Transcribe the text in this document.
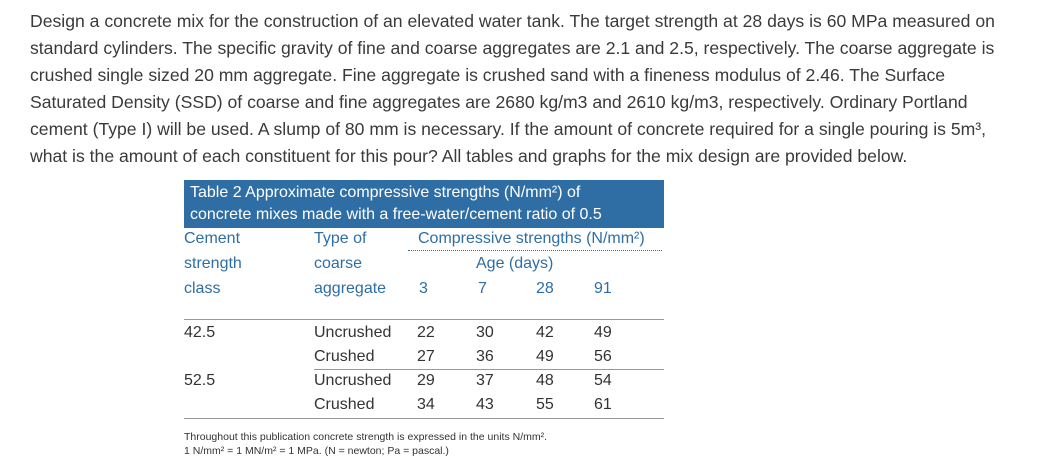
Design a concrete mix for the construction of an elevated water tank. The target strength at 28 days is 60 MPa measured on
standard cylinders. The specific gravity of fine and coarse aggregates are 2.1 and 2.5, respectively. The coarse aggregate is
crushed single sized 20 mm aggregate. Fine aggregate is crushed sand with a fineness modulus of 2.46. The Surface
Saturated Density (SSD) of coarse and fine aggregates are 2680 kg/m3 and 2610 kg/m3, respectively. Ordinary Portland
cement (Type I) will be used. A slump of 80 mm is necessary. If the amount of concrete required for a single pouring is 5m³,
what is the amount of each constituent for this pour? All tables and graphs for the mix design are provided below.

Table 2 Approximate compressive strengths (N/mm²) of
concrete mixes made with a free-water/cement ratio of 0.5
Cement
strength
class
Type of
coarse
aggregate
Compressive strengths (N/mm²)
Age (days)
3	7	28	91
42.5	Uncrushed 22	30	42	49
Crushed	27	36	49	56
52.5	Uncrushed 29	37	48	54
Crushed	34	43	55	61
Throughout this publication concrete strength is expressed in the units N/mm².
1 N/mm² = 1 MN/m² = 1 MPa. (N = newton; Pa = pascal.)
